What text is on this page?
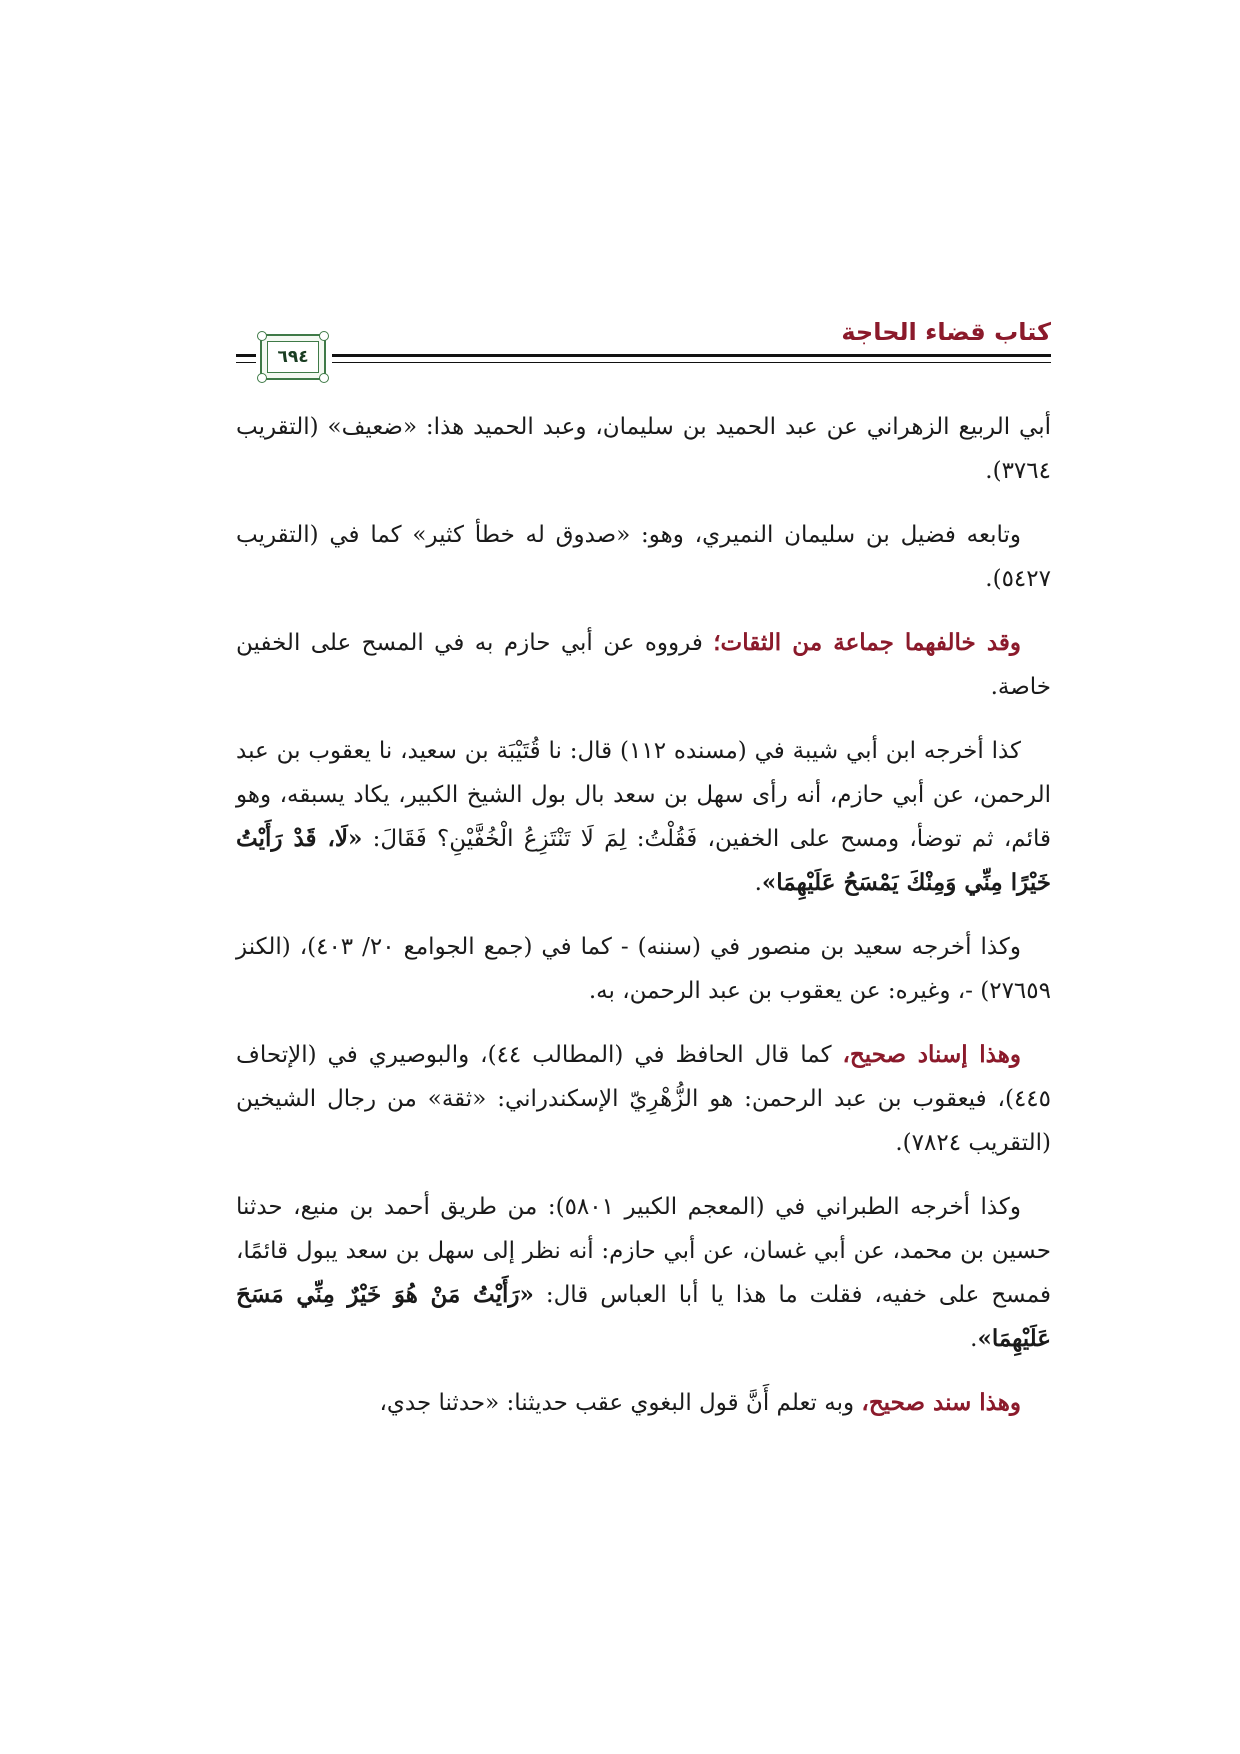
كتاب قضاء الحاجة
٦٩٤

أبي الربيع الزهراني عن عبد الحميد بن سليمان، وعبد الحميد هذا: «ضعيف» (التقريب ٣٧٦٤).

وتابعه فضيل بن سليمان النميري، وهو: «صدوق له خطأ كثير» كما في (التقريب ٥٤٢٧).

وقد خالفهما جماعة من الثقات؛ فرووه عن أبي حازم به في المسح على الخفين خاصة.

كذا أخرجه ابن أبي شيبة في (مسنده ١١٢) قال: نا قُتَيْبَة بن سعيد، نا يعقوب بن عبد الرحمن، عن أبي حازم، أنه رأى سهل بن سعد بال بول الشيخ الكبير، يكاد يسبقه، وهو قائم، ثم توضأ، ومسح على الخفين، فَقُلْتُ: لِمَ لَا تَنْتَزِعُ الْخُفَّيْنِ؟ فَقَالَ: «لَا، قَدْ رَأَيْتُ خَيْرًا مِنِّي وَمِنْكَ يَمْسَحُ عَلَيْهِمَا».

وكذا أخرجه سعيد بن منصور في (سننه) - كما في (جمع الجوامع ٢٠/ ٤٠٣)، (الكنز ٢٧٦٥٩) -، وغيره: عن يعقوب بن عبد الرحمن، به.

وهذا إسناد صحيح، كما قال الحافظ في (المطالب ٤٤)، والبوصيري في (الإتحاف ٤٤٥)، فيعقوب بن عبد الرحمن: هو الزُّهْرِيّ الإسكندراني: «ثقة» من رجال الشيخين (التقريب ٧٨٢٤).

وكذا أخرجه الطبراني في (المعجم الكبير ٥٨٠١): من طريق أحمد بن منيع، حدثنا حسين بن محمد، عن أبي غسان، عن أبي حازم: أنه نظر إلى سهل بن سعد يبول قائمًا، فمسح على خفيه، فقلت ما هذا يا أبا العباس قال: «رَأَيْتُ مَنْ هُوَ خَيْرٌ مِنِّي مَسَحَ عَلَيْهِمَا».

وهذا سند صحيح، وبه تعلم أَنَّ قول البغوي عقب حديثنا: «حدثنا جدي،
